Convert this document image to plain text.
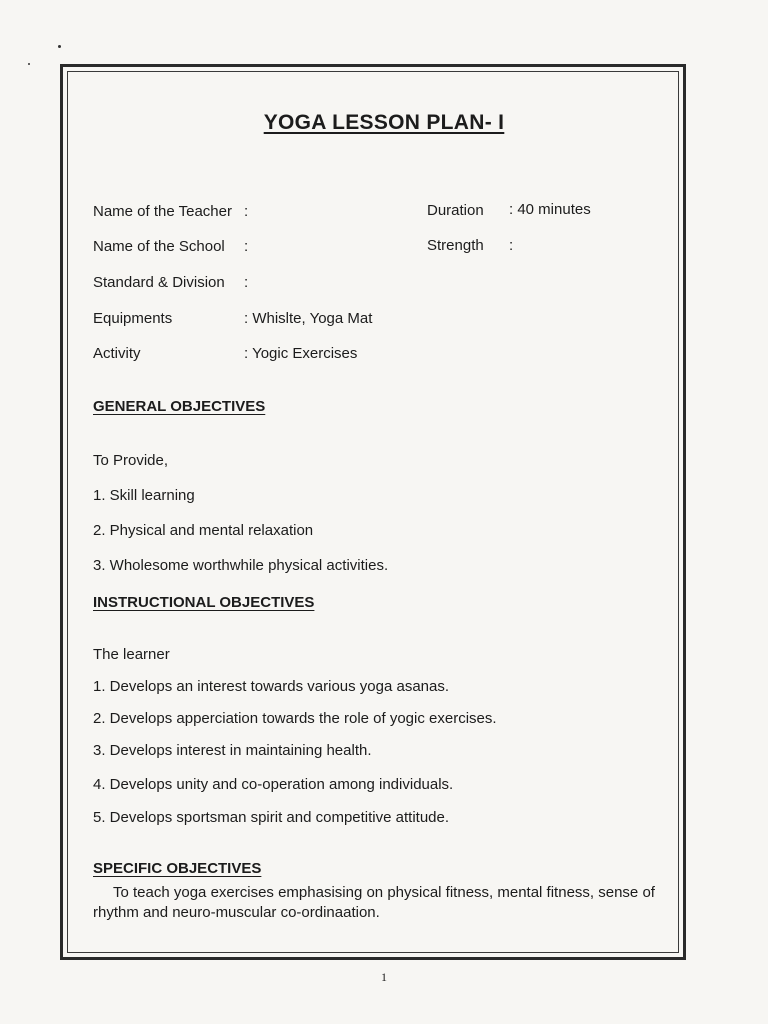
YOGA LESSON PLAN- I
Name of the Teacher :	Duration : 40 minutes
Name of the School :	Strength :
Standard & Division :
Equipments	: Whislte, Yoga Mat
Activity	: Yogic Exercises
GENERAL OBJECTIVES
To Provide,
1. Skill learning
2. Physical and mental relaxation
3. Wholesome worthwhile physical activities.
INSTRUCTIONAL OBJECTIVES
The learner
1. Develops an interest towards various yoga asanas.
2. Develops apperciation towards the role of yogic exercises.
3. Develops interest in maintaining health.
4. Develops unity and co-operation among individuals.
5. Develops sportsman spirit and competitive attitude.
SPECIFIC OBJECTIVES
To teach yoga exercises emphasising on physical fitness, mental fitness, sense of rhythm and neuro-muscular co-ordinaation.
1
